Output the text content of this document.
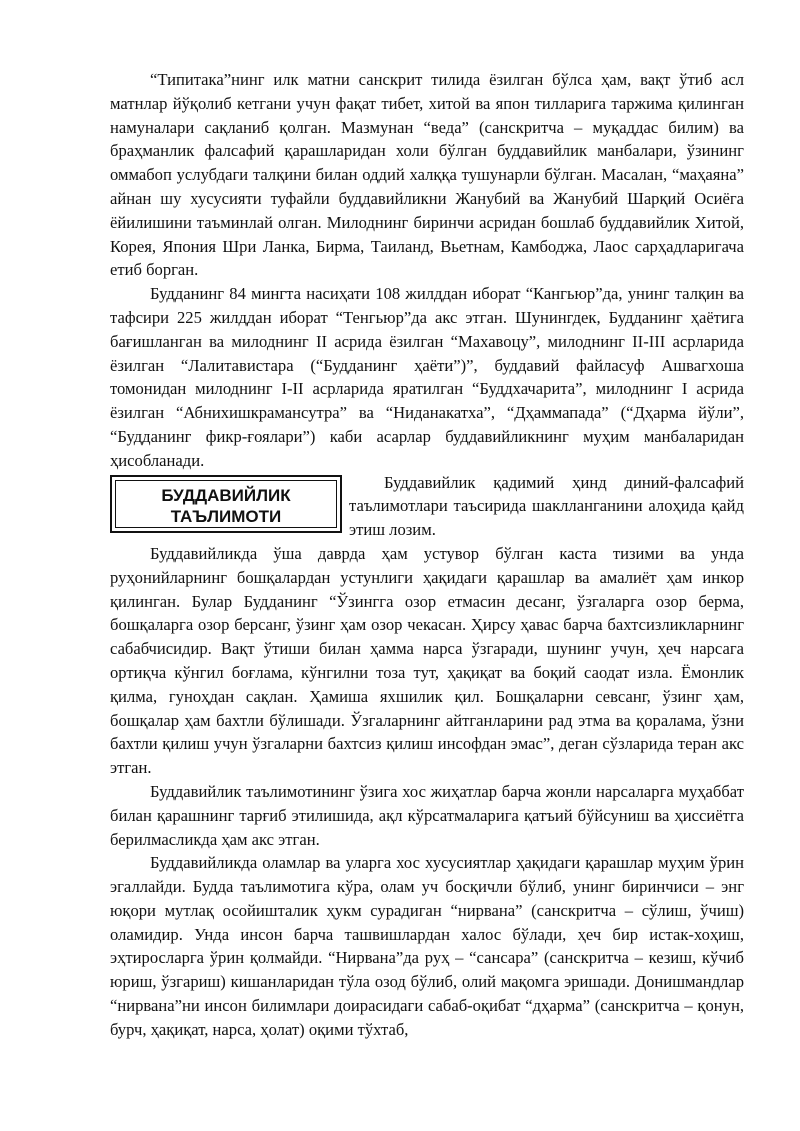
“Типитака”нинг илк матни санскрит тилида ёзилган бўлса ҳам, вақт ўтиб асл матнлар йўқолиб кетгани учун фақат тибет, хитой ва япон тилларига таржима қилинган намуналари сақланиб қолган. Мазмунан “веда” (санскритча – муқаддас билим) ва браҳманлик фалсафий қарашларидан холи бўлган буддавийлик манбалари, ўзининг оммабоп услубдаги талқини билан оддий халққа тушунарли бўлган. Масалан, “маҳаяна” айнан шу хусусияти туфайли буддавийликни Жанубий ва Жанубий Шарқий Осиёга ёйилишини таъминлай олган. Милоднинг биринчи асридан бошлаб буддавийлик Хитой, Корея, Япония Шри Ланка, Бирма, Таиланд, Вьетнам, Камбоджа, Лаос сарҳадларигача етиб борган.

Будданинг 84 мингта насиҳати 108 жилддан иборат “Кангьюр”да, унинг талқин ва тафсири 225 жилддан иборат “Тенгьюр”да акс этган. Шунингдек, Будданинг ҳаётига бағишланган ва милоднинг II асрида ёзилган “Махавоцу”, милоднинг II-III асрларида ёзилган “Лалитавистара (“Будданинг ҳаёти”)”, буддавий файласуф Ашвагхоша томонидан милоднинг I-II асрларида яратилган “Буддхачарита”, милоднинг I асрида ёзилган “Абнихишкрамансутра” ва “Ниданакатха”, “Дҳаммапада” (“Дҳарма йўли”, “Будданинг фикр-ғоялари”) каби асарлар буддавийликнинг муҳим манбаларидан ҳисобланади.

БУДДАВИЙЛИК
ТАЪЛИМОТИ

Буддавийлик қадимий ҳинд диний-фалсафий таълимотлари таъсирида шаклланганини алоҳида қайд этиш лозим.

Буддавийликда ўша даврда ҳам устувор бўлган каста тизими ва унда руҳонийларнинг бошқалардан устунлиги ҳақидаги қарашлар ва амалиёт ҳам инкор қилинган. Булар Будданинг “Ўзингга озор етмасин десанг, ўзгаларга озор берма, бошқаларга озор берсанг, ўзинг ҳам озор чекасан. Ҳирсу ҳавас барча бахтсизликларнинг сабабчисидир. Вақт ўтиши билан ҳамма нарса ўзгаради, шунинг учун, ҳеч нарсага ортиқча кўнгил боғлама, кўнгилни тоза тут, ҳақиқат ва боқий саодат изла. Ёмонлик қилма, гуноҳдан сақлан. Ҳамиша яхшилик қил. Бошқаларни севсанг, ўзинг ҳам, бошқалар ҳам бахтли бўлишади. Ўзгаларнинг айтганларини рад этма ва қоралама, ўзни бахтли қилиш учун ўзгаларни бахтсиз қилиш инсофдан эмас”, деган сўзларида теран акс этган.

Буддавийлик таълимотининг ўзига хос жиҳатлар барча жонли нарсаларга муҳаббат билан қарашнинг тарғиб этилишида, ақл кўрсатмаларига қатъий бўйсуниш ва ҳиссиётга берилмасликда ҳам акс этган.

Буддавийликда оламлар ва уларга хос хусусиятлар ҳақидаги қарашлар муҳим ўрин эгаллайди. Будда таълимотига кўра, олам уч босқичли бўлиб, унинг биринчиси – энг юқори мутлақ осойишталик ҳукм сурадиган “нирвана” (санскритча – сўлиш, ўчиш) оламидир. Унда инсон барча ташвишлардан халос бўлади, ҳеч бир истак-хоҳиш, эҳтиросларга ўрин қолмайди. “Нирвана”да руҳ – “сансара” (санскритча – кезиш, кўчиб юриш, ўзгариш) кишанларидан тўла озод бўлиб, олий мақомга эришади. Донишмандлар “нирвана”ни инсон билимлари доирасидаги сабаб-оқибат “дҳарма” (санскритча – қонун, бурч, ҳақиқат, нарса, ҳолат) оқими тўхтаб,
